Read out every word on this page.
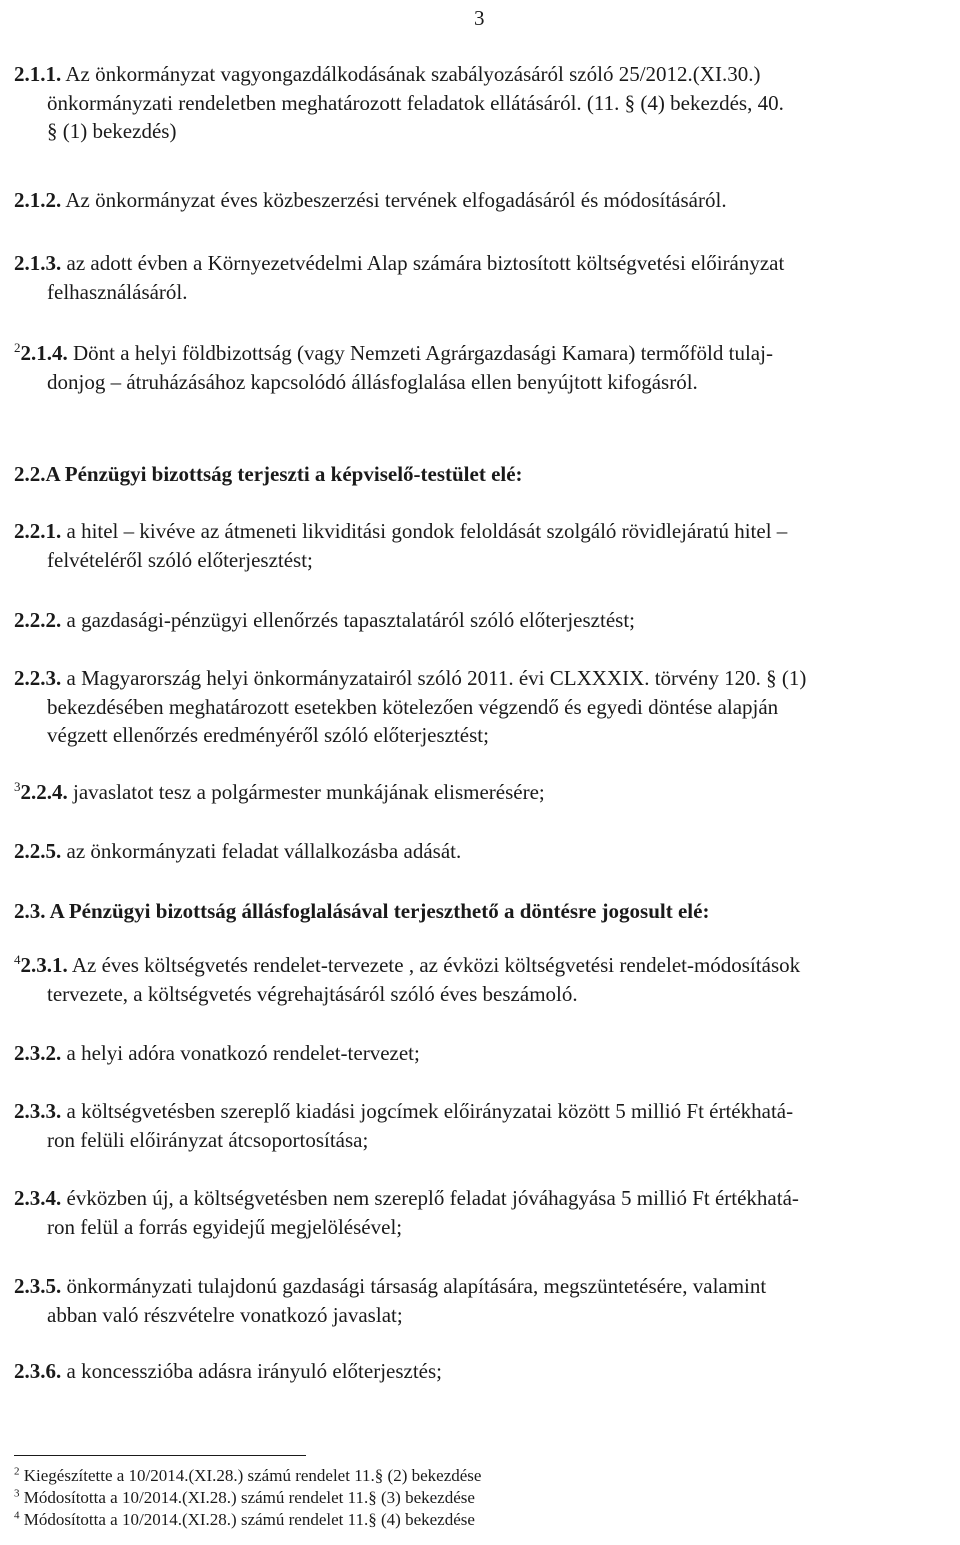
3
2.1.1. Az önkormányzat vagyongazdálkodásának szabályozásáról szóló 25/2012.(XI.30.)
önkormányzati rendeletben meghatározott feladatok ellátásáról. (11. § (4) bekezdés, 40.
§ (1) bekezdés)
2.1.2. Az önkormányzat éves közbeszerzési tervének elfogadásáról és módosításáról.
2.1.3. az adott évben a Környezetvédelmi Alap számára biztosított költségvetési előirányzat
felhasználásáról.
$^2$2.1.4. Dönt a helyi földbizottság (vagy Nemzeti Agrárgazdasági Kamara) termőföld tulaj-
donjog – átruházásához kapcsolódó állásfoglalása ellen benyújtott kifogásról.
2.2.1. a hitel – kivéve az átmeneti likviditási gondok feloldását szolgáló rövidlejáratú hitel –
felvételéről szóló előterjesztést;
2.2.2. a gazdasági-pénzügyi ellenőrzés tapasztalatáról szóló előterjesztést;
2.2.3. a Magyarország helyi önkormányzatairól szóló 2011. évi CLXXXIX. törvény 120. § (1)
bekezdésében meghatározott esetekben kötelezően végzendő és egyedi döntése alapján
végzett ellenőrzés eredményéről szóló előterjesztést;
$^3$2.2.4. javaslatot tesz a polgármester munkájának elismerésére;
2.2.5. az önkormányzati feladat vállalkozásba adását.
$^4$2.3.1. Az éves költségvetés rendelet-tervezete , az évközi költségvetési rendelet-módosítások
tervezete, a költségvetés végrehajtásáról szóló éves beszámoló.
2.3.2. a helyi adóra vonatkozó rendelet-tervezet;
2.3.3. a költségvetésben szereplő kiadási jogcímek előirányzatai között 5 millió Ft értékhatá-
ron felüli előirányzat átcsoportosítása;
2.3.4. évközben új, a költségvetésben nem szereplő feladat jóváhagyása 5 millió Ft értékhatá-
ron felül a forrás egyidejű megjelölésével;
2.3.5. önkormányzati tulajdonú gazdasági társaság alapítására, megszüntetésére, valamint
abban való részvételre vonatkozó javaslat;
2.3.6. a koncesszióba adásra irányuló előterjesztés;
2.2.A Pénzügyi bizottság terjeszti a képviselő-testület elé:
2.3. A Pénzügyi bizottság állásfoglalásával terjeszthető a döntésre jogosult elé:
$^2$ Kiegészítette a 10/2014.(XI.28.) számú rendelet 11.§ (2) bekezdése
$^3$ Módosította a 10/2014.(XI.28.) számú rendelet 11.§ (3) bekezdése
$^4$ Módosította a 10/2014.(XI.28.) számú rendelet 11.§ (4) bekezdése
